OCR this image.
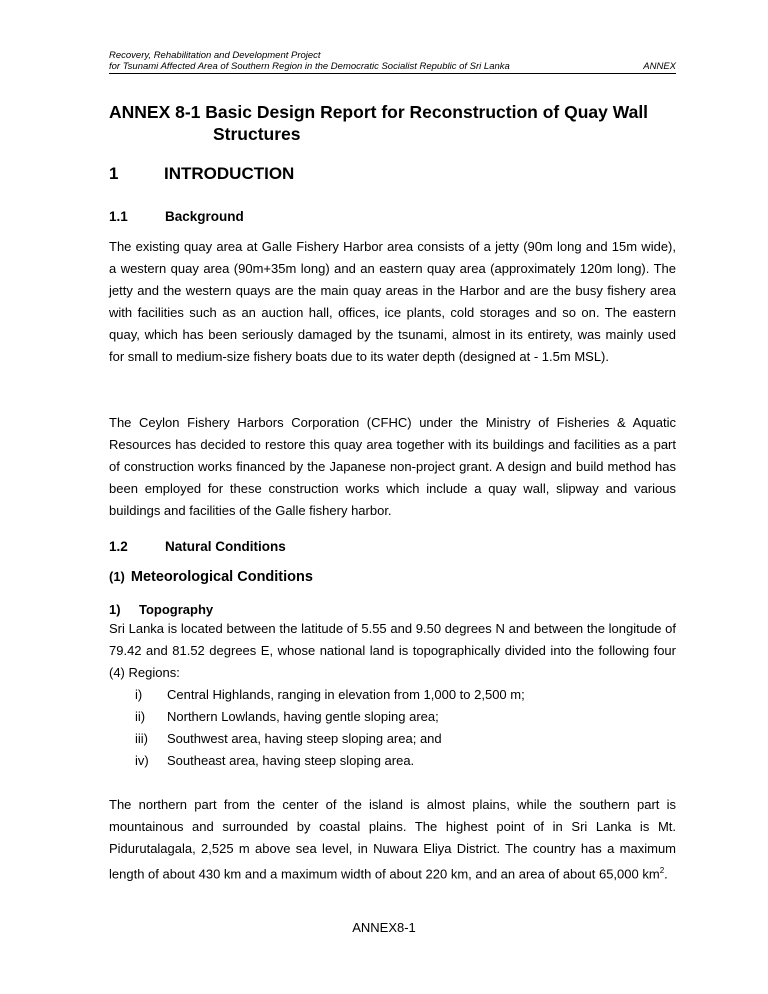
Recovery, Rehabilitation and Development Project
for Tsunami Affected Area of Southern Region in the Democratic Socialist Republic of Sri Lanka	ANNEX
ANNEX 8-1 Basic Design Report for Reconstruction of Quay Wall
Structures
1	INTRODUCTION
1.1	Background

The existing quay area at Galle Fishery Harbor area consists of a jetty (90m long and 15m wide), a western quay area (90m+35m long) and an eastern quay area (approximately 120m long). The jetty and the western quays are the main quay areas in the Harbor and are the busy fishery area with facilities such as an auction hall, offices, ice plants, cold storages and so on. The eastern quay, which has been seriously damaged by the tsunami, almost in its entirety, was mainly used for small to medium-size fishery boats due to its water depth (designed at - 1.5m MSL).

The Ceylon Fishery Harbors Corporation (CFHC) under the Ministry of Fisheries & Aquatic Resources has decided to restore this quay area together with its buildings and facilities as a part of construction works financed by the Japanese non-project grant. A design and build method has been employed for these construction works which include a quay wall, slipway and various buildings and facilities of the Galle fishery harbor.

1.2	Natural Conditions
(1) Meteorological Conditions
1) Topography

Sri Lanka is located between the latitude of 5.55 and 9.50 degrees N and between the longitude of 79.42 and 81.52 degrees E, whose national land is topographically divided into the following four (4) Regions:

i)	Central Highlands, ranging in elevation from 1,000 to 2,500 m;
ii)	Northern Lowlands, having gentle sloping area;
iii)	Southwest area, having steep sloping area; and
iv)	Southeast area, having steep sloping area.

The northern part from the center of the island is almost plains, while the southern part is mountainous and surrounded by coastal plains. The highest point of in Sri Lanka is Mt. Pidurutalagala, 2,525 m above sea level, in Nuwara Eliya District. The country has a maximum length of about 430 km and a maximum width of about 220 km, and an area of about 65,000 $km^2$.

ANNEX8-1
